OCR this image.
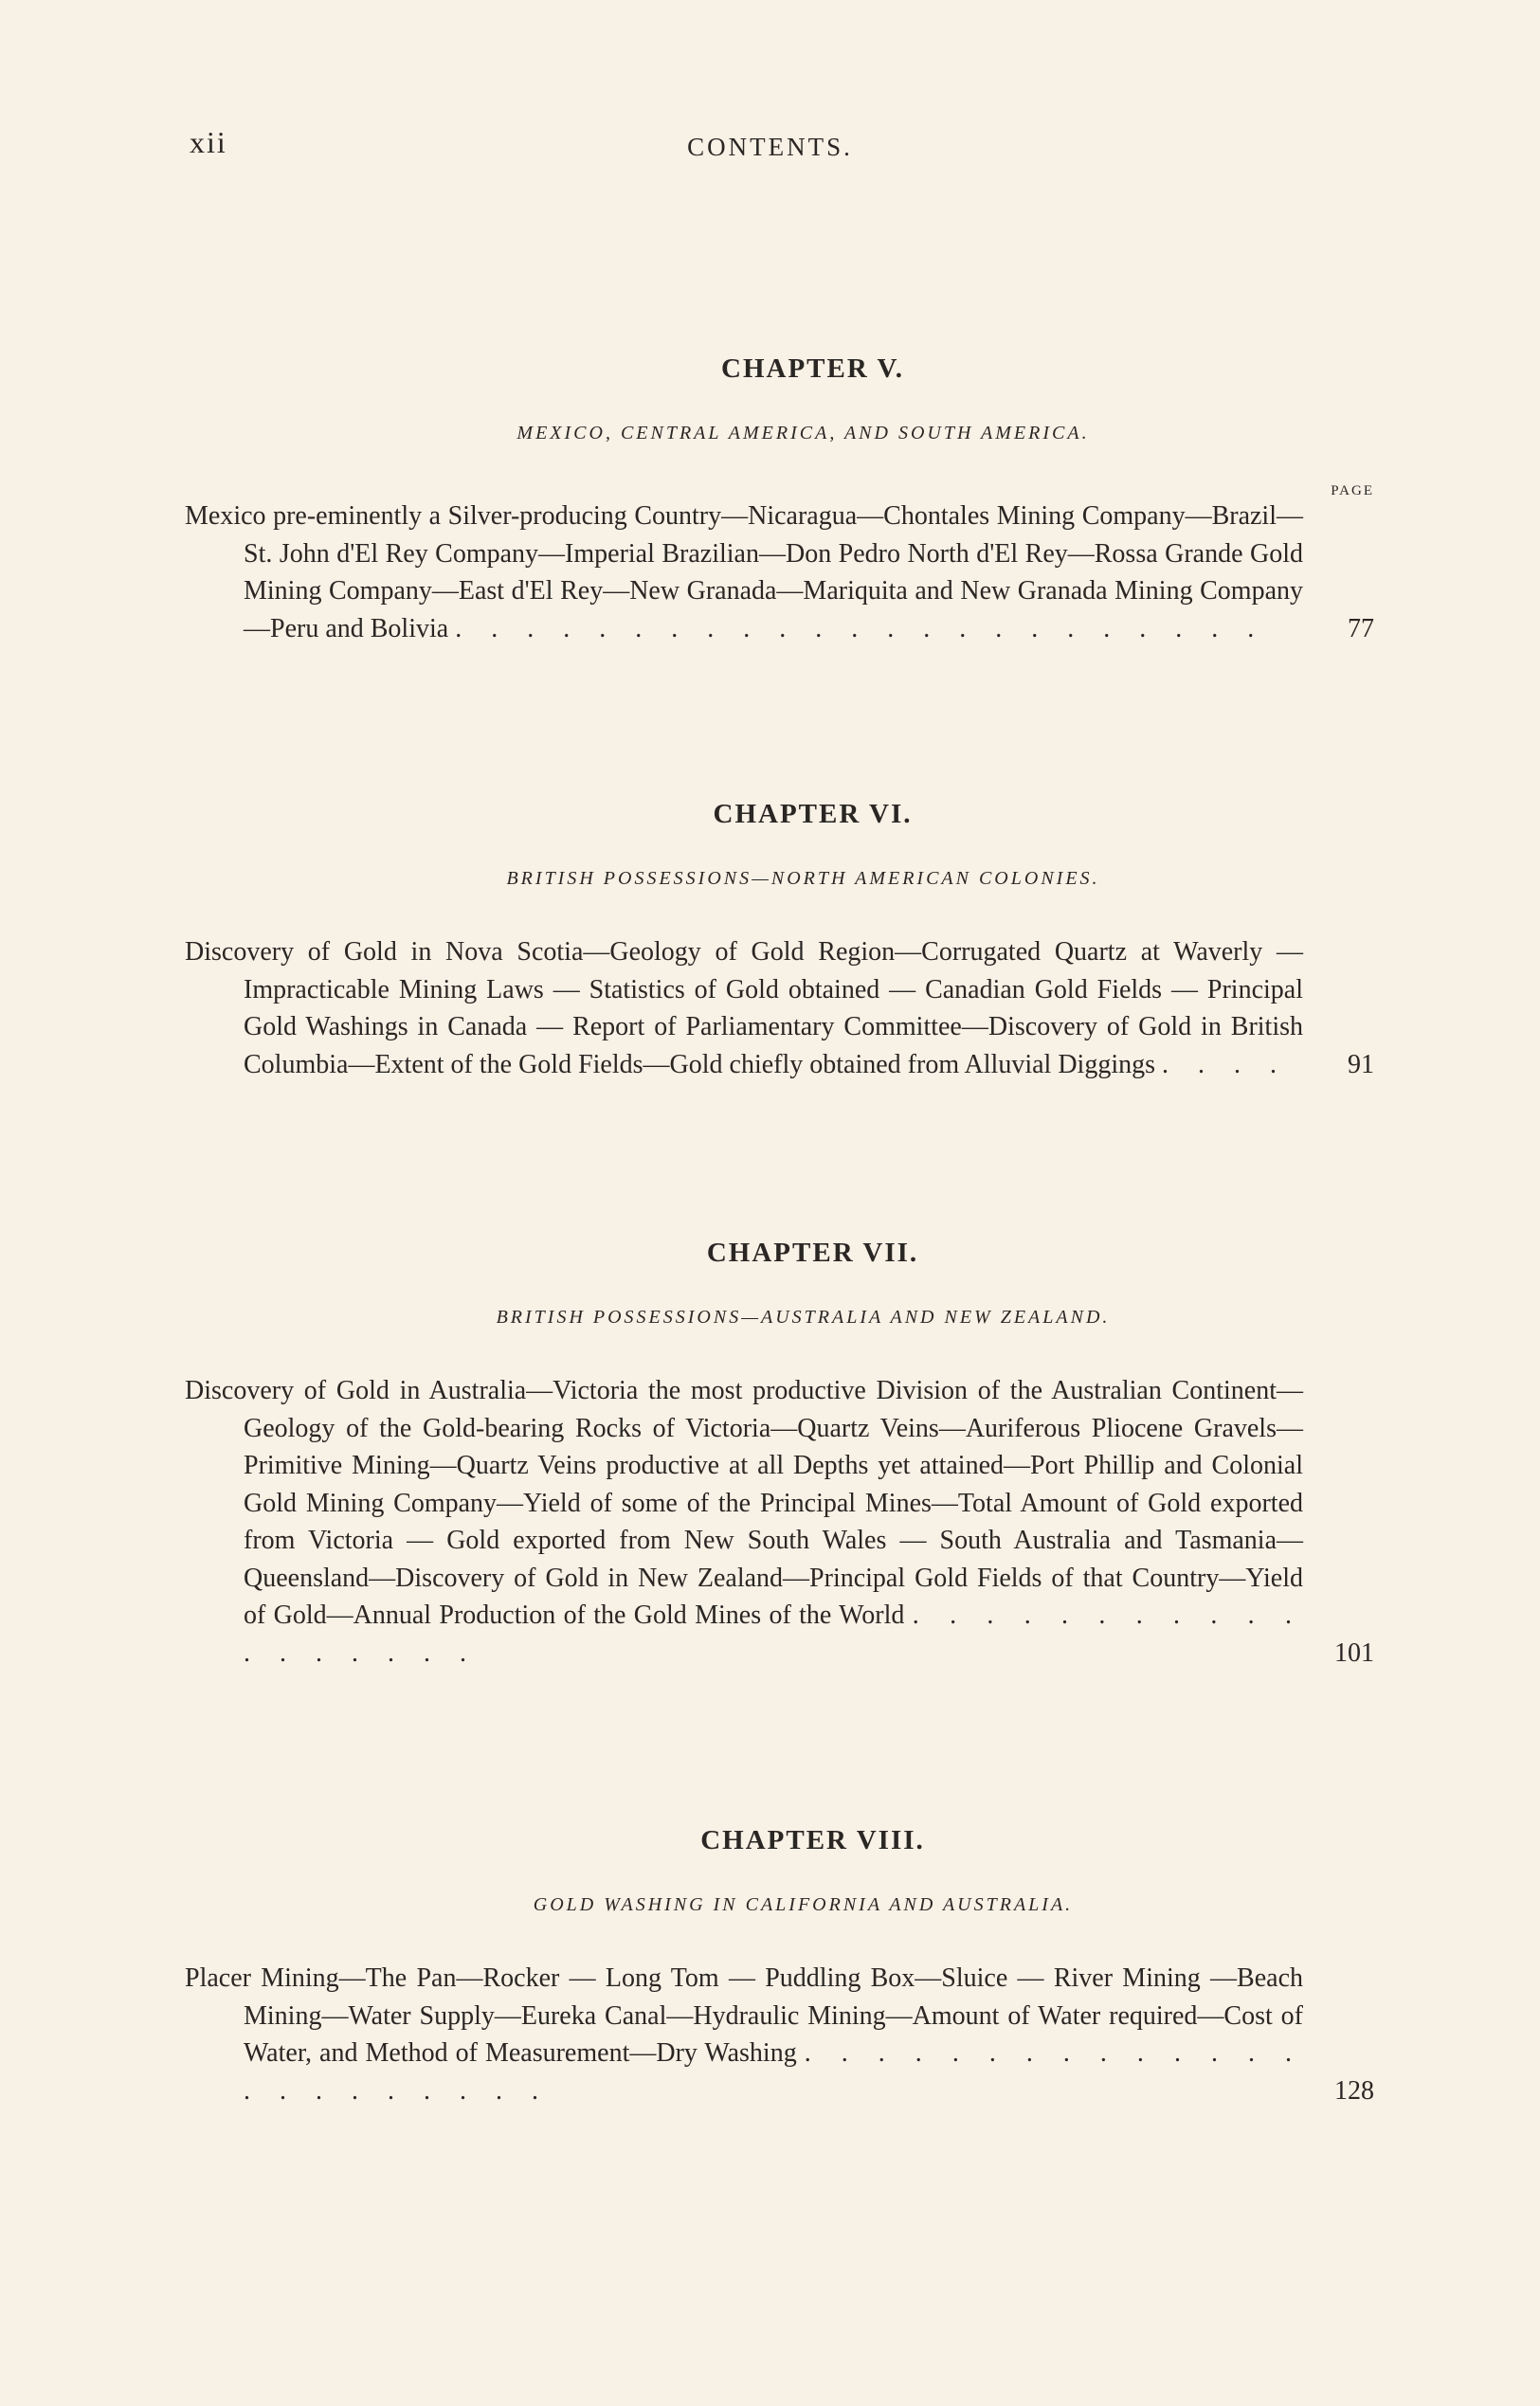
xii	CONTENTS.
CHAPTER V.

MEXICO, CENTRAL AMERICA, AND SOUTH AMERICA.

PAGE
Mexico pre-eminently a Silver-producing Country—Nicaragua—Chontales Mining Company—Brazil—St. John d'El Rey Company—Imperial Brazilian—Don Pedro North d'El Rey—Rossa Grande Gold Mining Company—East d'El Rey—New Granada—Mariquita and New Granada Mining Company—Peru and Bolivia . . . . . . . . . . . . . . . . . . . . . . .	77
CHAPTER VI.

BRITISH POSSESSIONS—NORTH AMERICAN COLONIES.

Discovery of Gold in Nova Scotia—Geology of Gold Region—Corrugated Quartz at Waverly — Impracticable Mining Laws — Statistics of Gold obtained — Canadian Gold Fields — Principal Gold Washings in Canada — Report of Parliamentary Committee—Discovery of Gold in British Columbia—Extent of the Gold Fields—Gold chiefly obtained from Alluvial Diggings . . . .	91
CHAPTER VII.

BRITISH POSSESSIONS—AUSTRALIA AND NEW ZEALAND.

Discovery of Gold in Australia—Victoria the most productive Division of the Australian Continent—Geology of the Gold-bearing Rocks of Victoria—Quartz Veins—Auriferous Pliocene Gravels—Primitive Mining—Quartz Veins productive at all Depths yet attained—Port Phillip and Colonial Gold Mining Company—Yield of some of the Principal Mines—Total Amount of Gold exported from Victoria — Gold exported from New South Wales — South Australia and Tasmania—Queensland—Discovery of Gold in New Zealand—Principal Gold Fields of that Country—Yield of Gold—Annual Production of the Gold Mines of the World . . . . . . . . . . . . . . . . . .	101
CHAPTER VIII.

GOLD WASHING IN CALIFORNIA AND AUSTRALIA.

Placer Mining—The Pan—Rocker — Long Tom — Puddling Box—Sluice — River Mining —Beach Mining—Water Supply—Eureka Canal—Hydraulic Mining—Amount of Water required—Cost of Water, and Method of Measurement—Dry Washing . . . . . . . . . . . . . . . . . . . . . . .	128
